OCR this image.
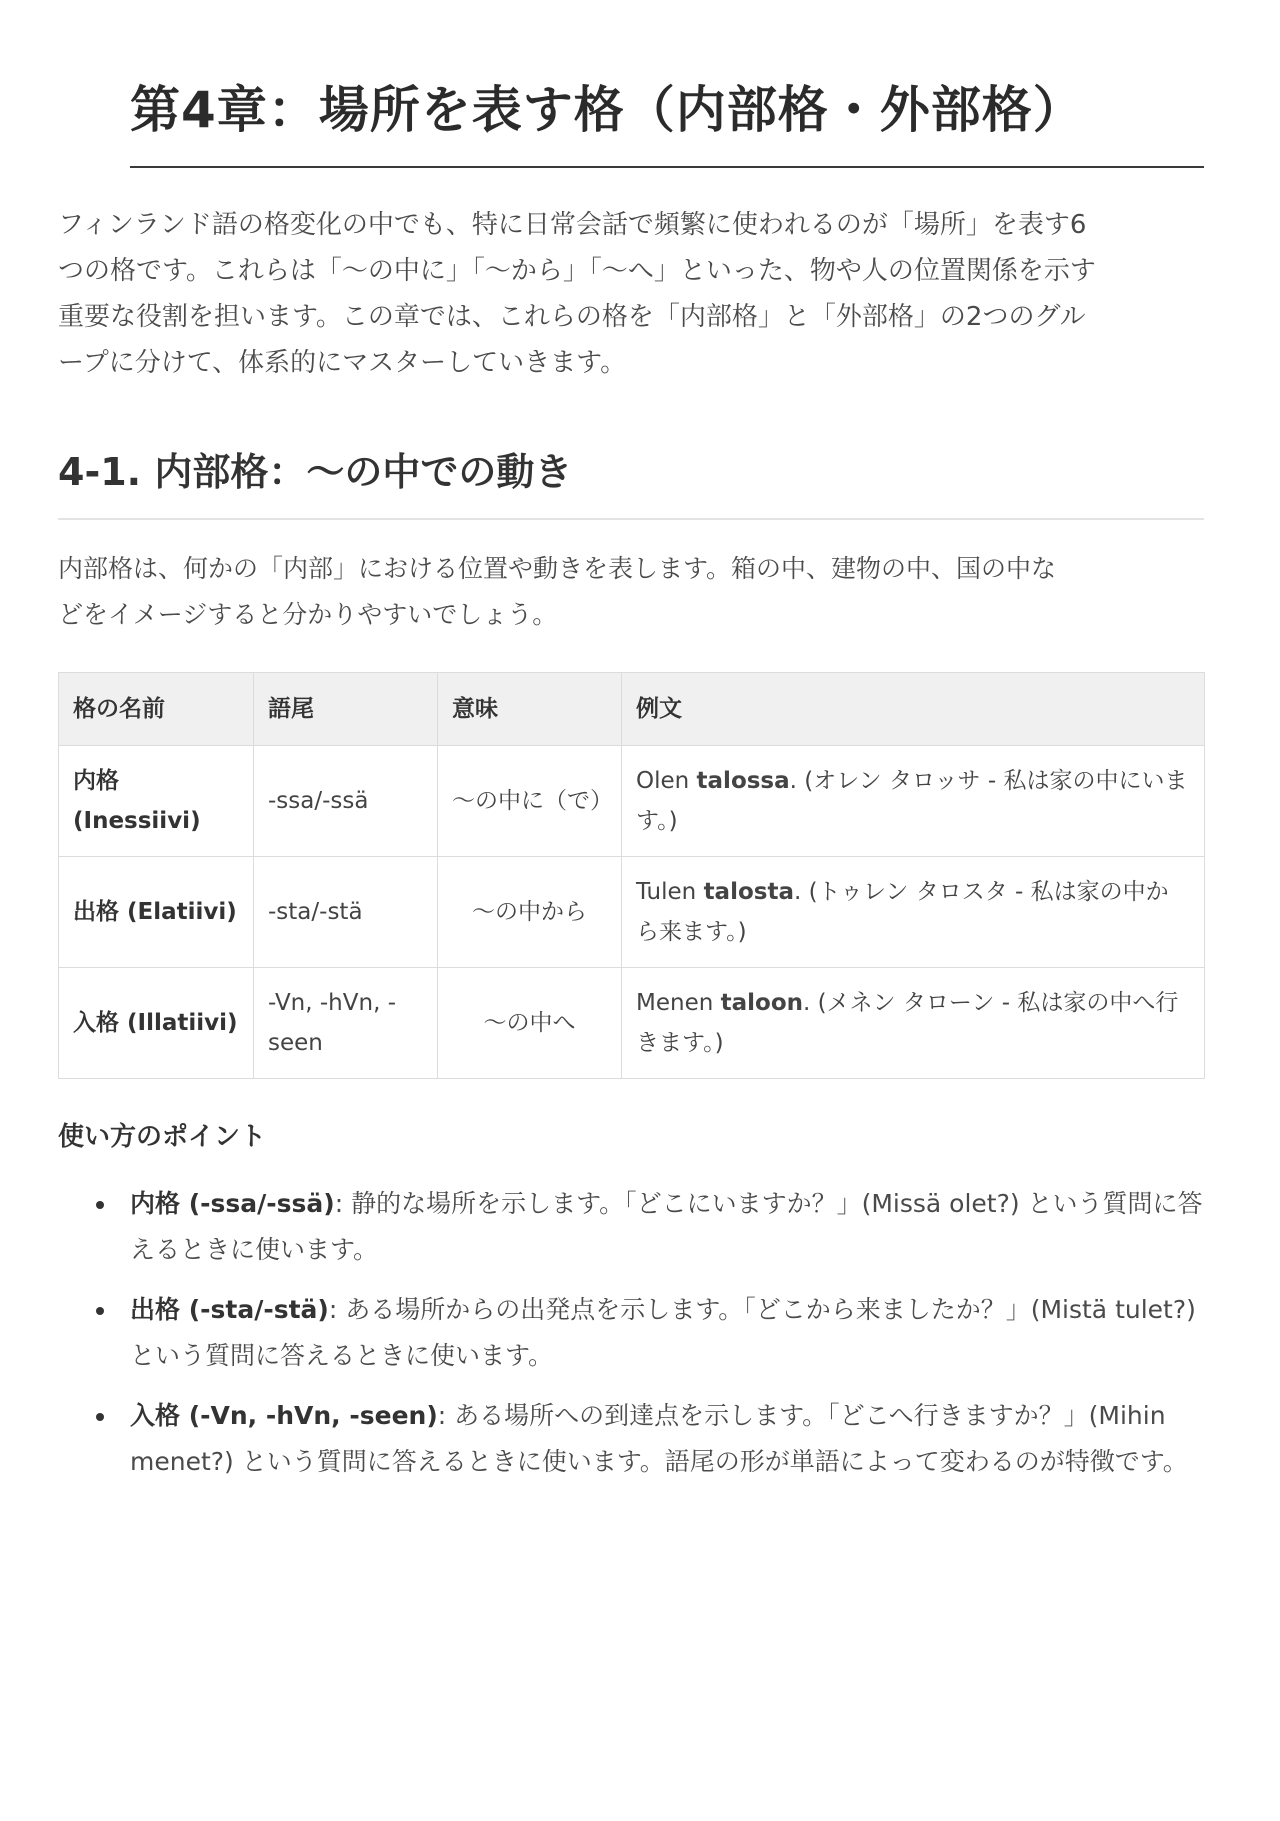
第4章：場所を表す格（内部格・外部格）

フィンランド語の格変化の中でも、特に日常会話で頻繁に使われるのが「場所」を表す6
つの格です。これらは「〜の中に」「〜から」「〜へ」といった、物や人の位置関係を示す
重要な役割を担います。この章では、これらの格を「内部格」と「外部格」の2つのグル
ープに分けて、体系的にマスターしていきます。

4-1. 内部格：〜の中での動き

内部格は、何かの「内部」における位置や動きを表します。箱の中、建物の中、国の中な
どをイメージすると分かりやすいでしょう。

格の名前	語尾	意味	例文
内格 (Inessiivi)	-ssa/-ssä	〜の中に（で）	Olen talossa. (オレン タロッサ - 私は家の中にいます。)
出格 (Elatiivi)	-sta/-stä	〜の中から	Tulen talosta. (トゥレン タロスタ - 私は家の中から来ます。)
入格 (Illatiivi)	-Vn, -hVn, -seen	〜の中へ	Menen taloon. (メネン タローン - 私は家の中へ行きます。)
使い方のポイント
内格 (-ssa/-ssä): 静的な場所を示します。「どこにいますか？」(Missä olet?) という質問に答えるときに使います。
出格 (-sta/-stä): ある場所からの出発点を示します。「どこから来ましたか？」(Mistä tulet?) という質問に答えるときに使います。
入格 (-Vn, -hVn, -seen): ある場所への到達点を示します。「どこへ行きますか？」(Mihin menet?) という質問に答えるときに使います。語尾の形が単語によって変わるのが特徴です。
